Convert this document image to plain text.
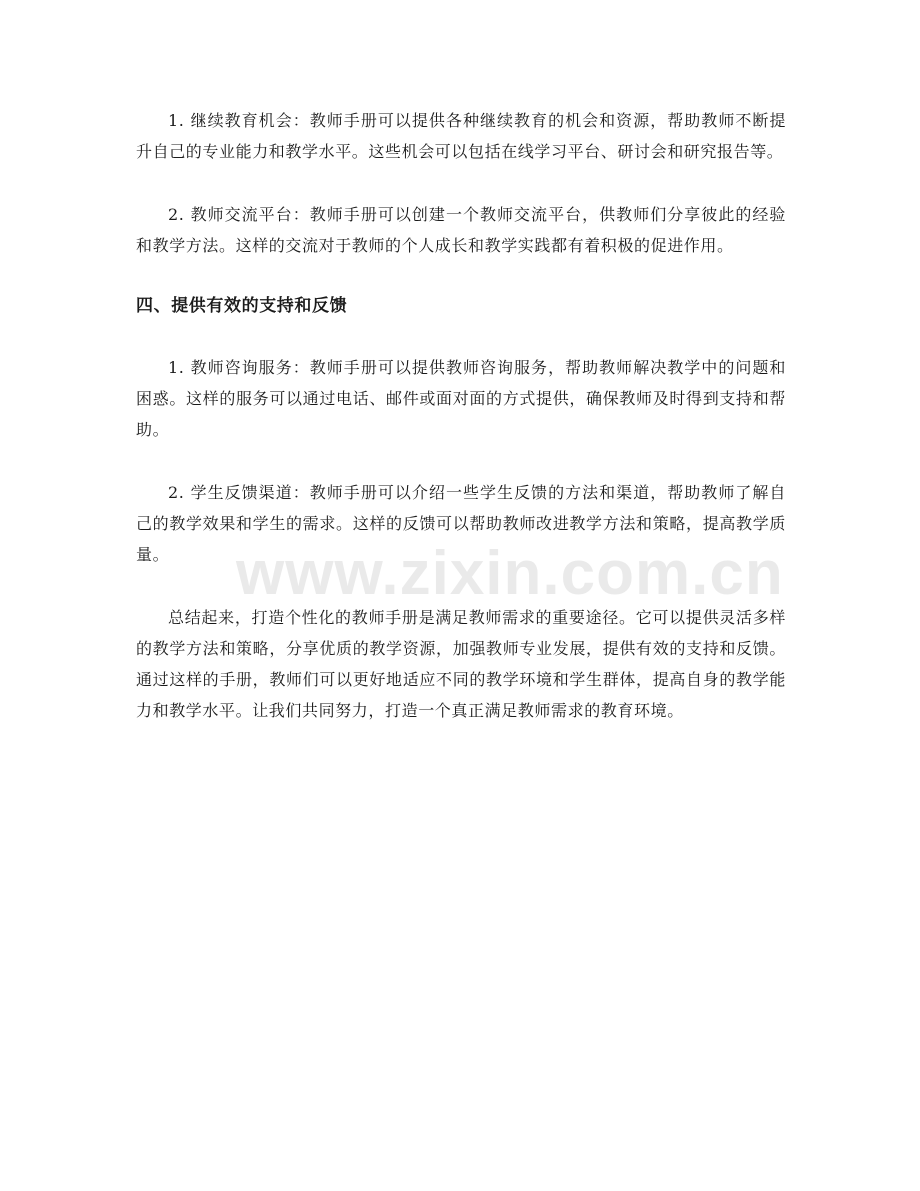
1. 继续教育机会：教师手册可以提供各种继续教育的机会和资源，帮助教师不断提升自己的专业能力和教学水平。这些机会可以包括在线学习平台、研讨会和研究报告等。

2. 教师交流平台：教师手册可以创建一个教师交流平台，供教师们分享彼此的经验和教学方法。这样的交流对于教师的个人成长和教学实践都有着积极的促进作用。

四、提供有效的支持和反馈

1. 教师咨询服务：教师手册可以提供教师咨询服务，帮助教师解决教学中的问题和困惑。这样的服务可以通过电话、邮件或面对面的方式提供，确保教师及时得到支持和帮助。

2. 学生反馈渠道：教师手册可以介绍一些学生反馈的方法和渠道，帮助教师了解自己的教学效果和学生的需求。这样的反馈可以帮助教师改进教学方法和策略，提高教学质量。

总结起来，打造个性化的教师手册是满足教师需求的重要途径。它可以提供灵活多样的教学方法和策略，分享优质的教学资源，加强教师专业发展，提供有效的支持和反馈。通过这样的手册，教师们可以更好地适应不同的教学环境和学生群体，提高自身的教学能力和教学水平。让我们共同努力，打造一个真正满足教师需求的教育环境。

www.zixin.com.cn
